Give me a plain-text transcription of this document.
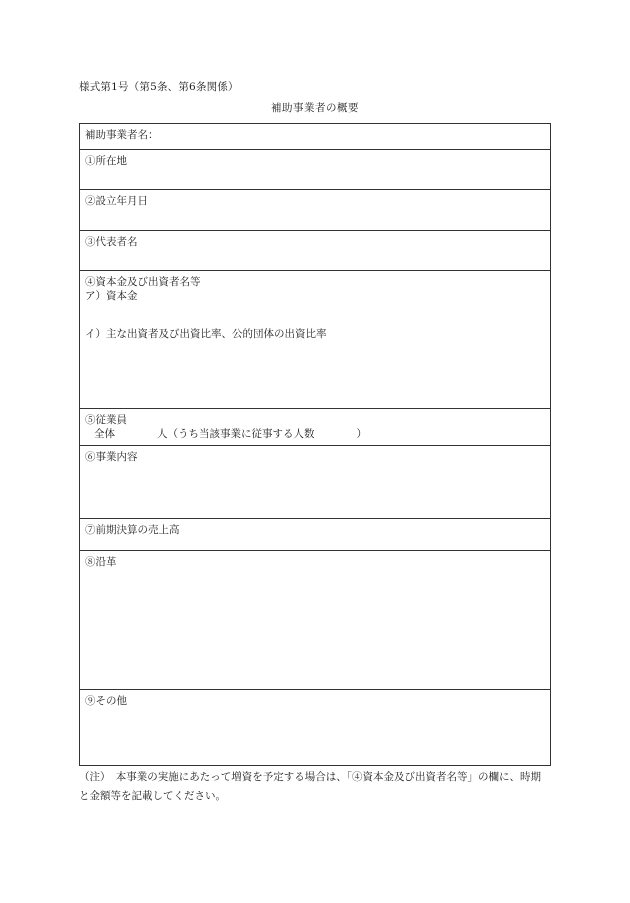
様式第1号（第5条、第6条関係）
補助事業者の概要
補助事業者名：
①所在地
②設立年月日
③代表者名
④資本金及び出資者名等
ア）資本金
イ）主な出資者及び出資比率、公的団体の出資比率
⑤従業員
全体　　　　人（うち当該事業に従事する人数　　　　）
⑥事業内容
⑦前期決算の売上高
⑧沿革
⑨その他
（注）　本事業の実施にあたって増資を予定する場合は、「④資本金及び出資者名等」の欄に、時期と金額等を記載してください。
